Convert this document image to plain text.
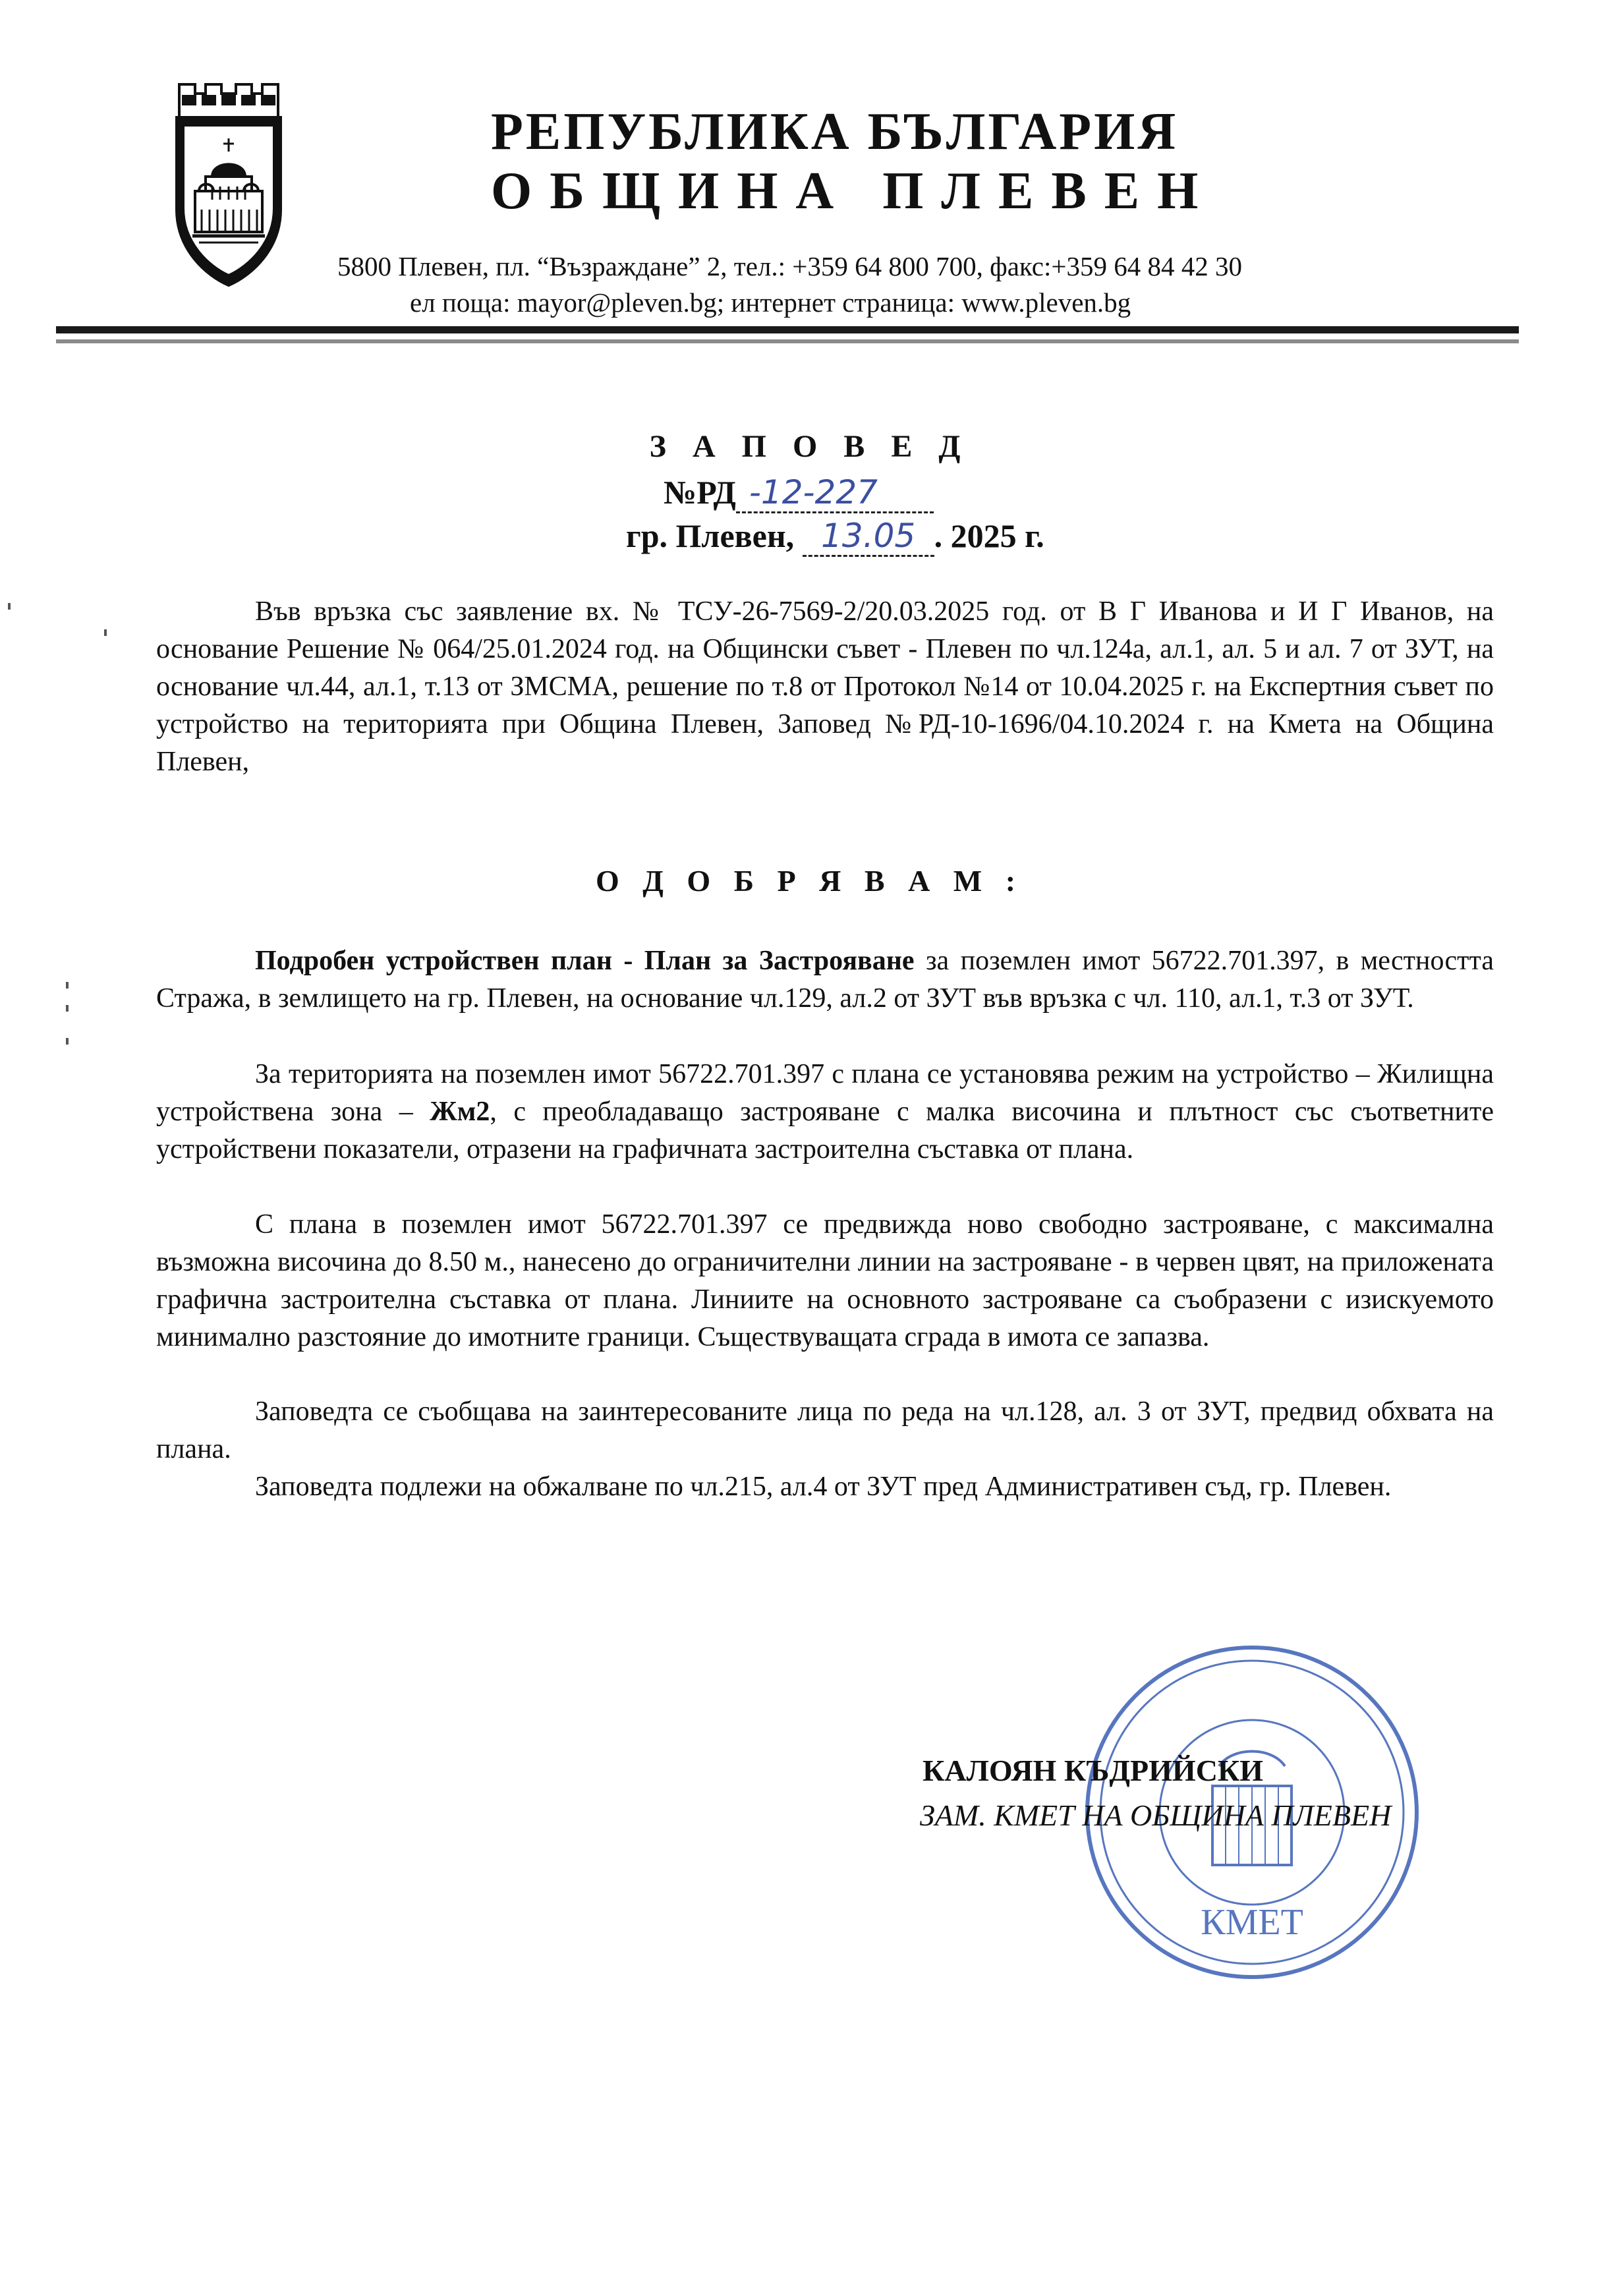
РЕПУБЛИКА БЪЛГАРИЯ
ОБЩИНА ПЛЕВЕН
5800 Плевен, пл. “Възраждане” 2, тел.: +359 64 800 700, факс:+359 64 84 42 30
ел поща: mayor@pleven.bg; интернет страница: www.pleven.bg
З А П О В Е Д
№РД -12-227
гр. Плевен, 13.05 . 2025 г.
Във връзка със заявление вх. № ТСУ-26-7569-2/20.03.2025 год. от В Г Иванова и И Г Иванов, на основание Решение № 064/25.01.2024 год. на Общински съвет - Плевен по чл.124а, ал.1, ал. 5 и ал. 7 от ЗУТ, на основание чл.44, ал.1, т.13 от ЗМСМА, решение по т.8 от Протокол №14 от 10.04.2025 г. на Експертния съвет по устройство на територията при Община Плевен, Заповед №РД-10-1696/04.10.2024 г. на Кмета на Община Плевен,
О Д О Б Р Я В А М :
Подробен устройствен план - План за Застрояване за поземлен имот 56722.701.397, в местността Стража, в землището на гр. Плевен, на основание чл.129, ал.2 от ЗУТ във връзка с чл. 110, ал.1, т.3 от ЗУТ.
За територията на поземлен имот 56722.701.397 с плана се установява режим на устройство – Жилищна устройствена зона – Жм2, с преобладаващо застрояване с малка височина и плътност със съответните устройствени показатели, отразени на графичната застроителна съставка от плана.
С плана в поземлен имот 56722.701.397 се предвижда ново свободно застрояване, с максимална възможна височина до 8.50 м., нанесено до ограничителни линии на застрояване - в червен цвят, на приложената графична застроителна съставка от плана. Линиите на основното застрояване са съобразени с изискуемото минимално разстояние до имотните граници. Съществуващата сграда в имота се запазва.
Заповедта се съобщава на заинтересованите лица по реда на чл.128, ал. 3 от ЗУТ, предвид обхвата на плана.
Заповедта подлежи на обжалване по чл.215, ал.4 от ЗУТ пред Административен съд, гр. Плевен.
КМЕТ
КАЛОЯН КЪДРИЙСКИ
ЗАМ. КМЕТ НА ОБЩИНА ПЛЕВЕН
